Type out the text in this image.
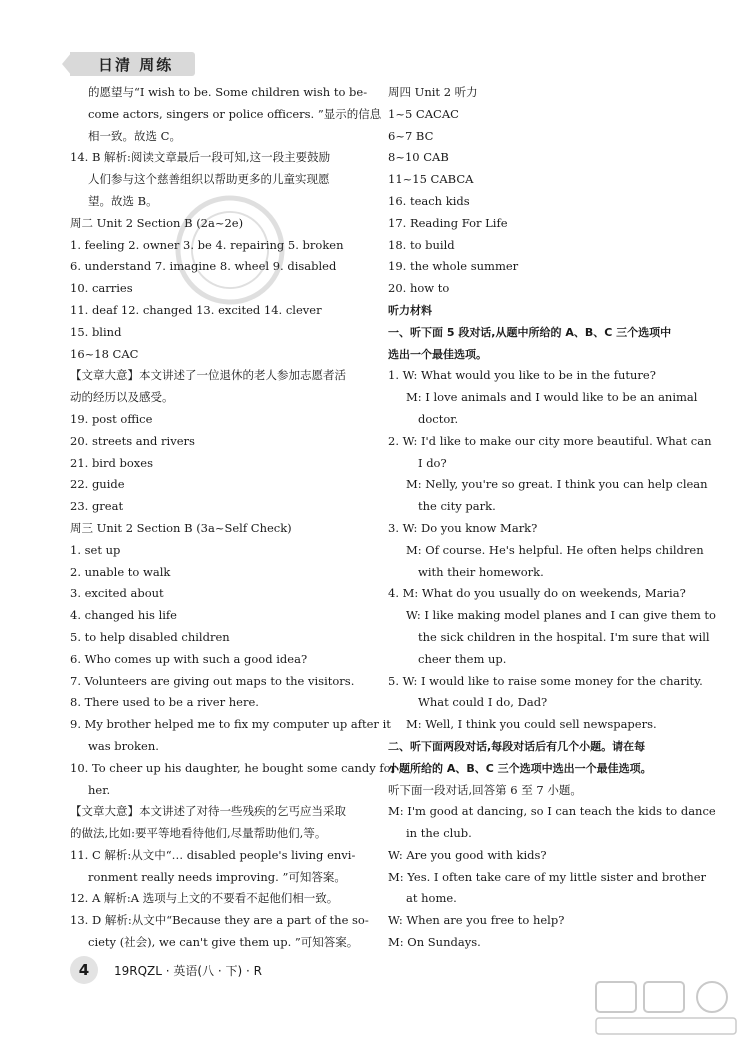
日清 周练
的愿望与“I wish to be. Some children wish to be-
come actors, singers or police officers. ”显示的信息
相一致。故选 C。
14. B 解析:阅读文章最后一段可知,这一段主要鼓励
人们参与这个慈善组织以帮助更多的儿童实现愿
望。故选 B。
周二 Unit 2 Section B (2a~2e)
1. feeling 2. owner 3. be 4. repairing 5. broken
6. understand 7. imagine 8. wheel 9. disabled
10. carries
11. deaf 12. changed 13. excited 14. clever
15. blind
16~18 CAC
【文章大意】本文讲述了一位退休的老人参加志愿者活
动的经历以及感受。
19. post office
20. streets and rivers
21. bird boxes
22. guide
23. great
周三 Unit 2 Section B (3a~Self Check)
1. set up
2. unable to walk
3. excited about
4. changed his life
5. to help disabled children
6. Who comes up with such a good idea?
7. Volunteers are giving out maps to the visitors.
8. There used to be a river here.
9. My brother helped me to fix my computer up after it
was broken.
10. To cheer up his daughter, he bought some candy for
her.
【文章大意】本文讲述了对待一些残疾的乞丐应当采取
的做法,比如:要平等地看待他们,尽量帮助他们,等。
11. C 解析:从文中“… disabled people's living envi-
ronment really needs improving. ”可知答案。
12. A 解析:A 选项与上文的不要看不起他们相一致。
13. D 解析:从文中“Because they are a part of the so-
ciety (社会), we can't give them up. ”可知答案。
周四 Unit 2 听力
1~5 CACAC
6~7 BC
8~10 CAB
11~15 CABCA
16. teach kids
17. Reading For Life
18. to build
19. the whole summer
20. how to
听力材料
一、听下面 5 段对话,从题中所给的 A、B、C 三个选项中
选出一个最佳选项。
1. W: What would you like to be in the future?
M: I love animals and I would like to be an animal
doctor.
2. W: I'd like to make our city more beautiful. What can
I do?
M: Nelly, you're so great. I think you can help clean
the city park.
3. W: Do you know Mark?
M: Of course. He's helpful. He often helps children
with their homework.
4. M: What do you usually do on weekends, Maria?
W: I like making model planes and I can give them to
the sick children in the hospital. I'm sure that will
cheer them up.
5. W: I would like to raise some money for the charity.
What could I do, Dad?
M: Well, I think you could sell newspapers.
二、听下面两段对话,每段对话后有几个小题。请在每
小题所给的 A、B、C 三个选项中选出一个最佳选项。
听下面一段对话,回答第 6 至 7 小题。
M: I'm good at dancing, so I can teach the kids to dance
in the club.
W: Are you good with kids?
M: Yes. I often take care of my little sister and brother
at home.
W: When are you free to help?
M: On Sundays.
4	19RQZL · 英语(八 · 下) · R
